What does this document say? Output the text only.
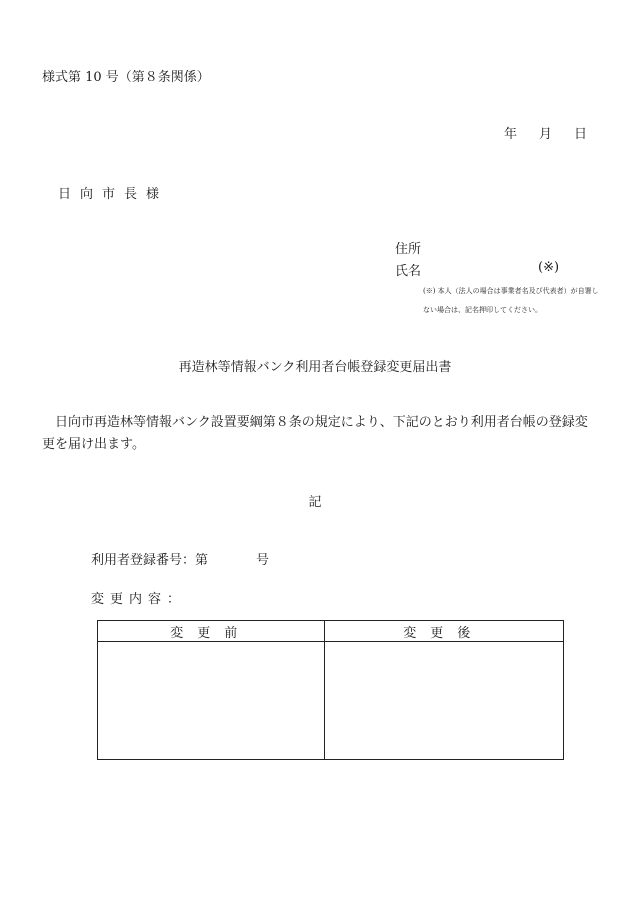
様式第 10 号（第８条関係）
年 月 日
日向市長様
住所
氏名	(※)
(※) 本人（法人の場合は事業者名及び代表者）が自署し
ない場合は、記名押印してください。
再造林等情報バンク利用者台帳登録変更届出書
日向市再造林等情報バンク設置要綱第８条の規定により、下記のとおり利用者台帳の登録変更を届け出ます。
記
利用者登録番号：第	号
変更内容：
変更前	変更後
